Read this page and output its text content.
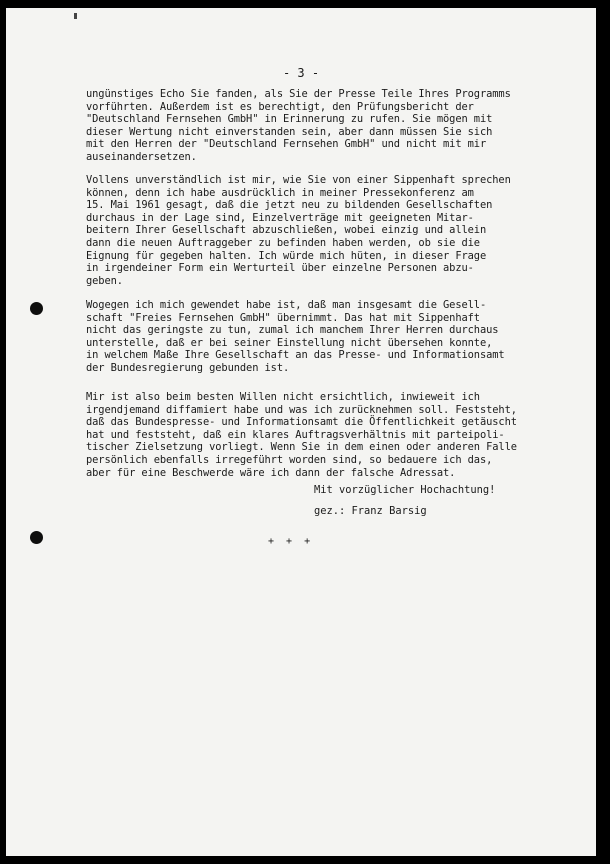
- 3 -
ungünstiges Echo Sie fanden, als Sie der Presse Teile Ihres Programms
vorführten. Außerdem ist es berechtigt, den Prüfungsbericht der
"Deutschland Fernsehen GmbH" in Erinnerung zu rufen. Sie mögen mit
dieser Wertung nicht einverstanden sein, aber dann müssen Sie sich
mit den Herren der "Deutschland Fernsehen GmbH" und nicht mit mir
auseinandersetzen.
Vollens unverständlich ist mir, wie Sie von einer Sippenhaft sprechen
können, denn ich habe ausdrücklich in meiner Pressekonferenz am
15. Mai 1961 gesagt, daß die jetzt neu zu bildenden Gesellschaften
durchaus in der Lage sind, Einzelverträge mit geeigneten Mitar-
beitern Ihrer Gesellschaft abzuschließen, wobei einzig und allein
dann die neuen Auftraggeber zu befinden haben werden, ob sie die
Eignung für gegeben halten. Ich würde mich hüten, in dieser Frage
in irgendeiner Form ein Werturteil über einzelne Personen abzu-
geben.
Wogegen ich mich gewendet habe ist, daß man insgesamt die Gesell-
schaft "Freies Fernsehen GmbH" übernimmt. Das hat mit Sippenhaft
nicht das geringste zu tun, zumal ich manchem Ihrer Herren durchaus
unterstelle, daß er bei seiner Einstellung nicht übersehen konnte,
in welchem Maße Ihre Gesellschaft an das Presse- und Informationsamt
der Bundesregierung gebunden ist.
Mir ist also beim besten Willen nicht ersichtlich, inwieweit ich
irgendjemand diffamiert habe und was ich zurücknehmen soll. Feststeht,
daß das Bundespresse- und Informationsamt die Öffentlichkeit getäuscht
hat und feststeht, daß ein klares Auftragsverhältnis mit parteipoli-
tischer Zielsetzung vorliegt. Wenn Sie in dem einen oder anderen Falle
persönlich ebenfalls irregeführt worden sind, so bedauere ich das,
aber für eine Beschwerde wäre ich dann der falsche Adressat.
Mit vorzüglicher Hochachtung!
gez.: Franz Barsig
+ + +
